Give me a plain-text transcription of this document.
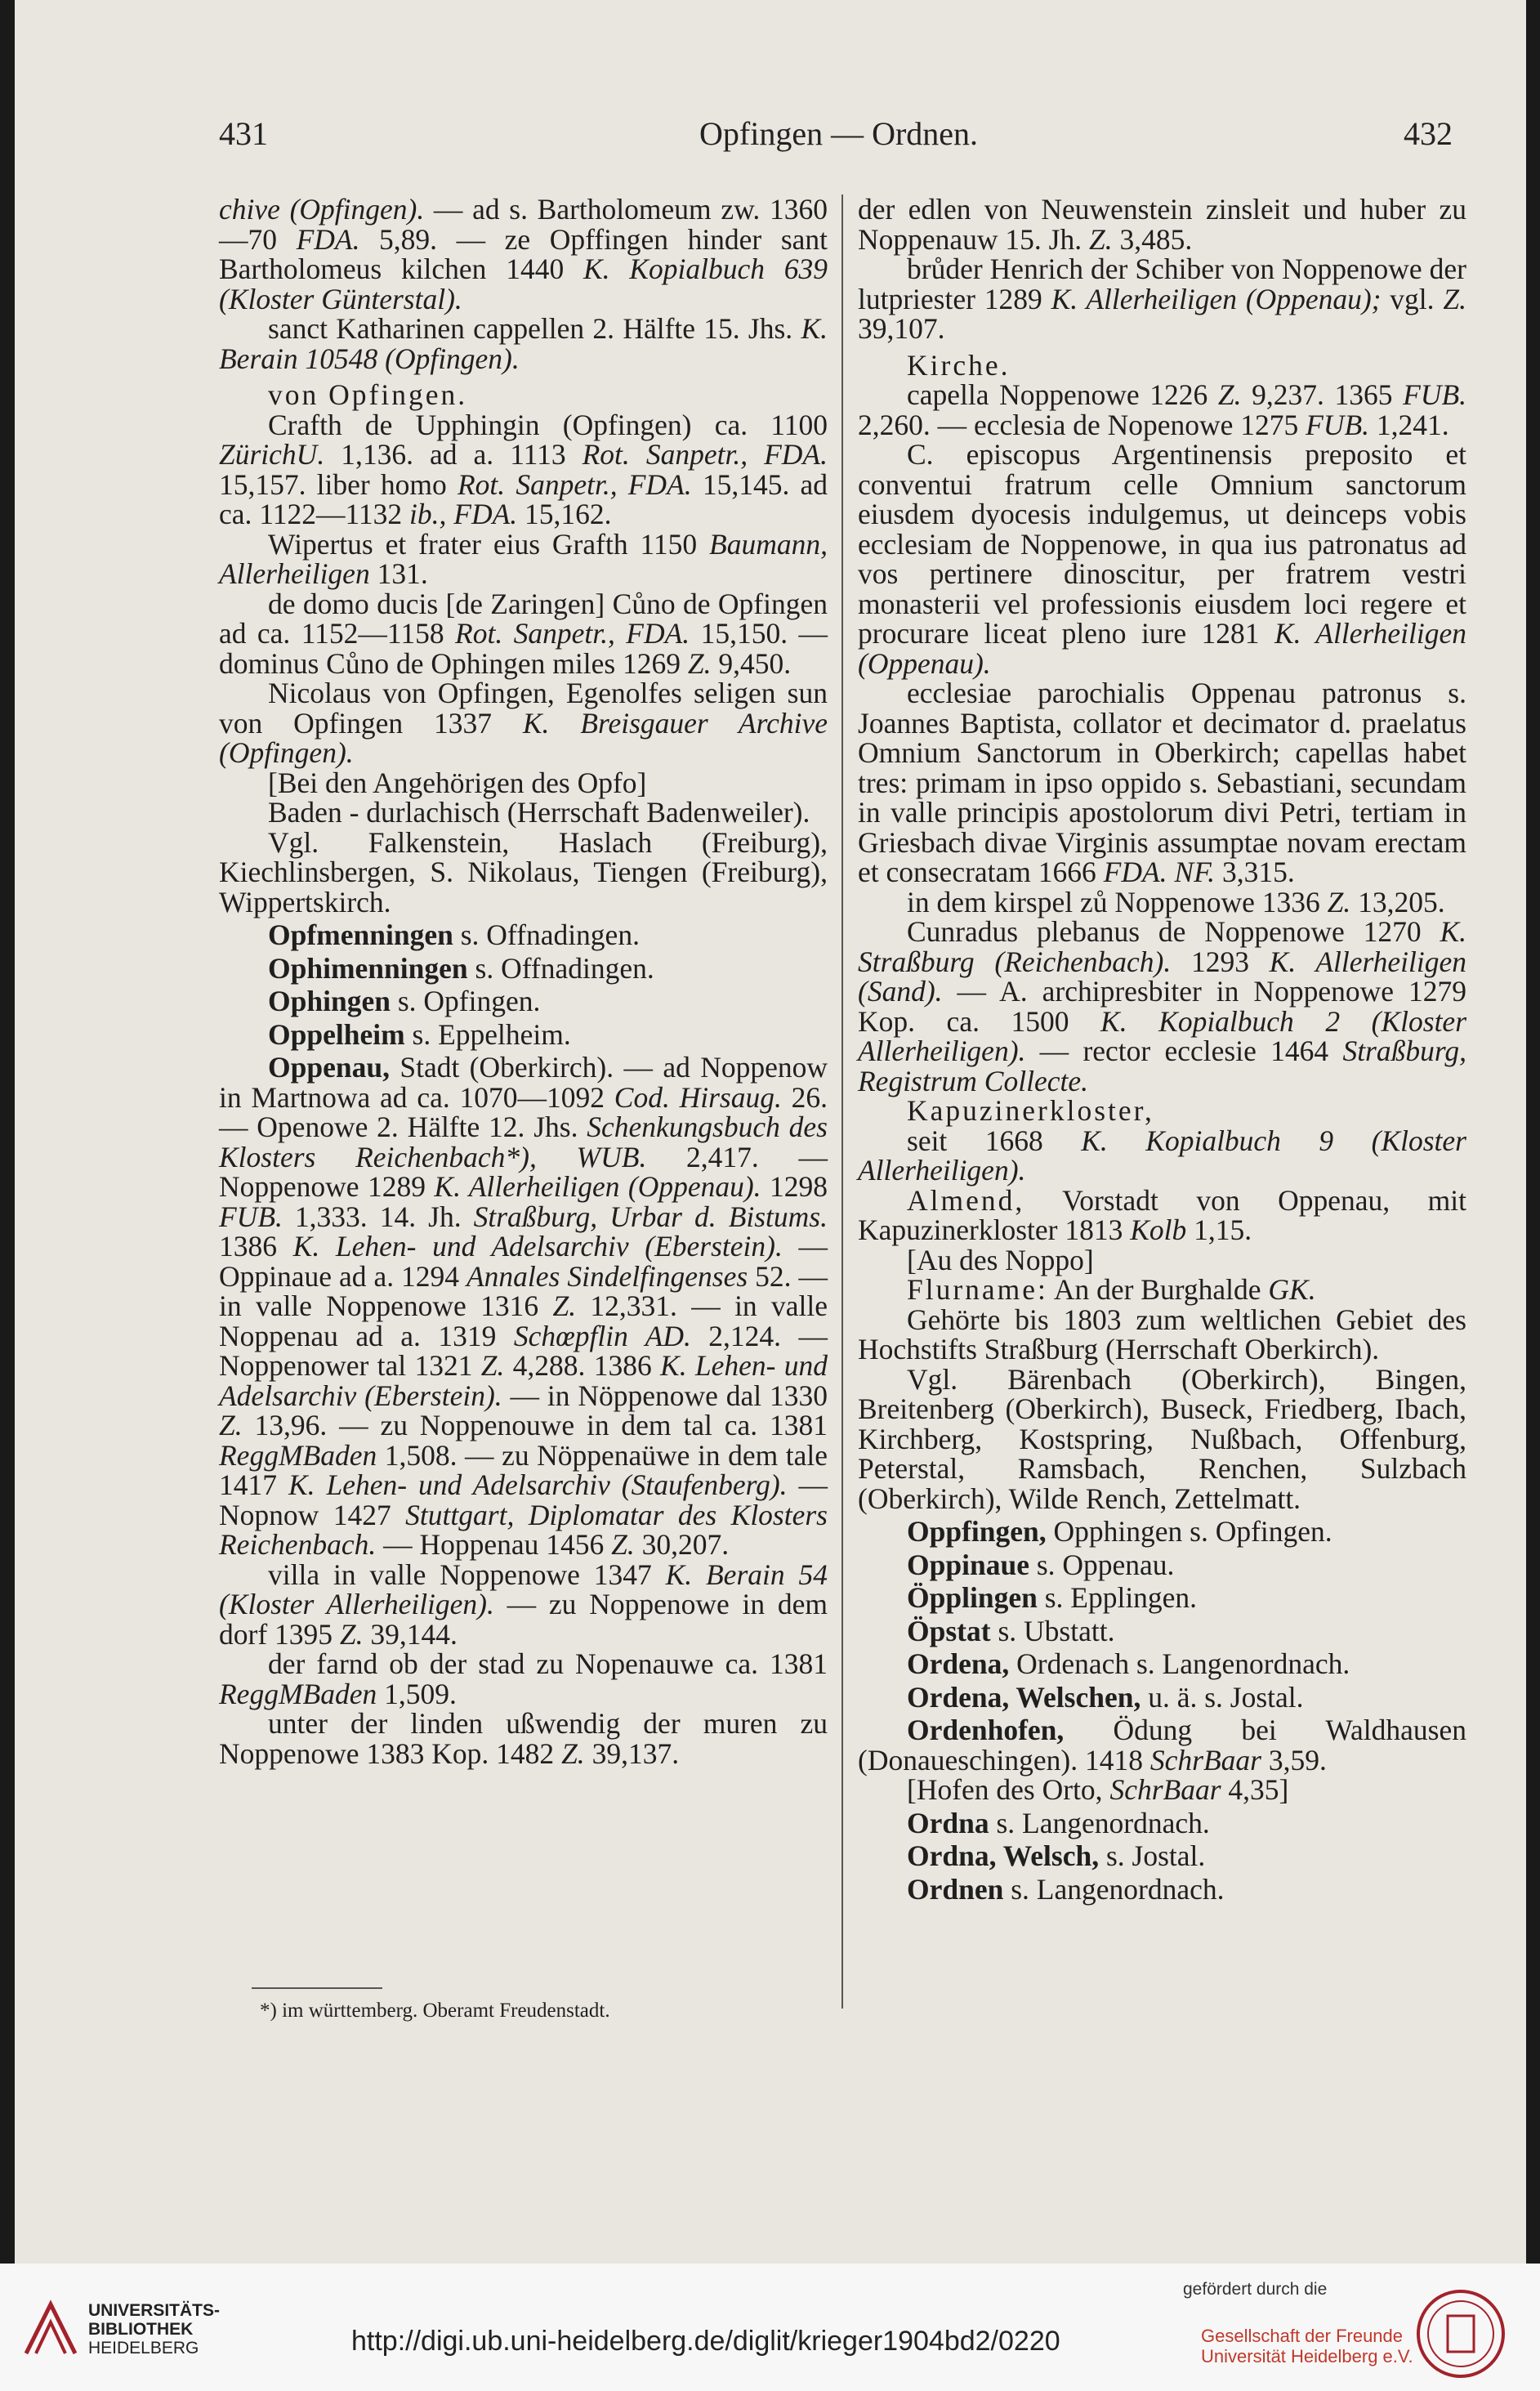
431	Opfingen — Ordnen.	432

chive (Opfingen). — ad s. Bartholomeum zw. 1360—70 FDA. 5,89. — ze Opffingen hinder sant Bartholomeus kilchen 1440 K. Kopialbuch 639 (Kloster Günterstal).

sanct Katharinen cappellen 2. Hälfte 15. Jhs. K. Berain 10548 (Opfingen).

von Opfingen.

Crafth de Upphingin (Opfingen) ca. 1100 ZürichU. 1,136. ad a. 1113 Rot. Sanpetr., FDA. 15,157. liber homo Rot. Sanpetr., FDA. 15,145. ad ca. 1122—1132 ib., FDA. 15,162.

Wipertus et frater eius Grafth 1150 Baumann, Allerheiligen 131.

de domo ducis [de Zaringen] Cůno de Opfingen ad ca. 1152—1158 Rot. Sanpetr., FDA. 15,150. — dominus Cůno de Ophingen miles 1269 Z. 9,450.

Nicolaus von Opfingen, Egenolfes seligen sun von Opfingen 1337 K. Breisgauer Archive (Opfingen).

[Bei den Angehörigen des Opfo]

Baden - durlachisch (Herrschaft Badenweiler).

Vgl. Falkenstein, Haslach (Freiburg), Kiechlinsbergen, S. Nikolaus, Tiengen (Freiburg), Wippertskirch.

Opfmenningen s. Offnadingen.

Ophimenningen s. Offnadingen.

Ophingen s. Opfingen.

Oppelheim s. Eppelheim.

Oppenau, Stadt (Oberkirch). — ad Noppenow in Martnowa ad ca. 1070—1092 Cod. Hirsaug. 26. — Openowe 2. Hälfte 12. Jhs. Schenkungsbuch des Klosters Reichenbach*), WUB. 2,417. — Noppenowe 1289 K. Allerheiligen (Oppenau). 1298 FUB. 1,333. 14. Jh. Straßburg, Urbar d. Bistums. 1386 K. Lehen- und Adelsarchiv (Eberstein). — Oppinaue ad a. 1294 Annales Sindelfingenses 52. — in valle Noppenowe 1316 Z. 12,331. — in valle Noppenau ad a. 1319 Schœpflin AD. 2,124. — Noppenower tal 1321 Z. 4,288. 1386 K. Lehen- und Adelsarchiv (Eberstein). — in Nöppenowe dal 1330 Z. 13,96. — zu Noppenouwe in dem tal ca. 1381 ReggMBaden 1,508. — zu Nöppenaüwe in dem tale 1417 K. Lehen- und Adelsarchiv (Staufenberg). — Nopnow 1427 Stuttgart, Diplomatar des Klosters Reichenbach. — Hoppenau 1456 Z. 30,207.

villa in valle Noppenowe 1347 K. Berain 54 (Kloster Allerheiligen). — zu Noppenowe in dem dorf 1395 Z. 39,144.

der farnd ob der stad zu Nopenauwe ca. 1381 ReggMBaden 1,509.

unter der linden ußwendig der muren zu Noppenowe 1383 Kop. 1482 Z. 39,137.

der edlen von Neuwenstein zinsleit und huber zu Noppenauw 15. Jh. Z. 3,485.

brůder Henrich der Schiber von Noppenowe der lutpriester 1289 K. Allerheiligen (Oppenau); vgl. Z. 39,107.

Kirche.

capella Noppenowe 1226 Z. 9,237. 1365 FUB. 2,260. — ecclesia de Nopenowe 1275 FUB. 1,241.

C. episcopus Argentinensis preposito et conventui fratrum celle Omnium sanctorum eiusdem dyocesis indulgemus, ut deinceps vobis ecclesiam de Noppenowe, in qua ius patronatus ad vos pertinere dinoscitur, per fratrem vestri monasterii vel professionis eiusdem loci regere et procurare liceat pleno iure 1281 K. Allerheiligen (Oppenau).

ecclesiae parochialis Oppenau patronus s. Joannes Baptista, collator et decimator d. praelatus Omnium Sanctorum in Oberkirch; capellas habet tres: primam in ipso oppido s. Sebastiani, secundam in valle principis apostolorum divi Petri, tertiam in Griesbach divae Virginis assumptae novam erectam et consecratam 1666 FDA. NF. 3,315.

in dem kirspel zů Noppenowe 1336 Z. 13,205.

Cunradus plebanus de Noppenowe 1270 K. Straßburg (Reichenbach). 1293 K. Allerheiligen (Sand). — A. archipresbiter in Noppenowe 1279 Kop. ca. 1500 K. Kopialbuch 2 (Kloster Allerheiligen). — rector ecclesie 1464 Straßburg, Registrum Collecte.

Kapuzinerkloster,

seit 1668 K. Kopialbuch 9 (Kloster Allerheiligen).

Almend, Vorstadt von Oppenau, mit Kapuzinerkloster 1813 Kolb 1,15.

[Au des Noppo]

Flurname: An der Burghalde GK.

Gehörte bis 1803 zum weltlichen Gebiet des Hochstifts Straßburg (Herrschaft Oberkirch).

Vgl. Bärenbach (Oberkirch), Bingen, Breitenberg (Oberkirch), Buseck, Friedberg, Ibach, Kirchberg, Kostspring, Nußbach, Offenburg, Peterstal, Ramsbach, Renchen, Sulzbach (Oberkirch), Wilde Rench, Zettelmatt.

Oppfingen, Opphingen s. Opfingen.

Oppinaue s. Oppenau.

Öpplingen s. Epplingen.

Öpstat s. Ubstatt.

Ordena, Ordenach s. Langenordnach.

Ordena, Welschen, u. ä. s. Jostal.

Ordenhofen, Ödung bei Waldhausen (Donaueschingen). 1418 SchrBaar 3,59.

[Hofen des Orto, SchrBaar 4,35]

Ordna s. Langenordnach.

Ordna, Welsch, s. Jostal.

Ordnen s. Langenordnach.

*) im württemberg. Oberamt Freudenstadt.
UNIVERSITÄTS-
BIBLIOTHEK
HEIDELBERG	http://digi.ub.uni-heidelberg.de/diglit/krieger1904bd2/0220
gefördert durch die
Gesellschaft der Freunde
Universität Heidelberg e.V.
